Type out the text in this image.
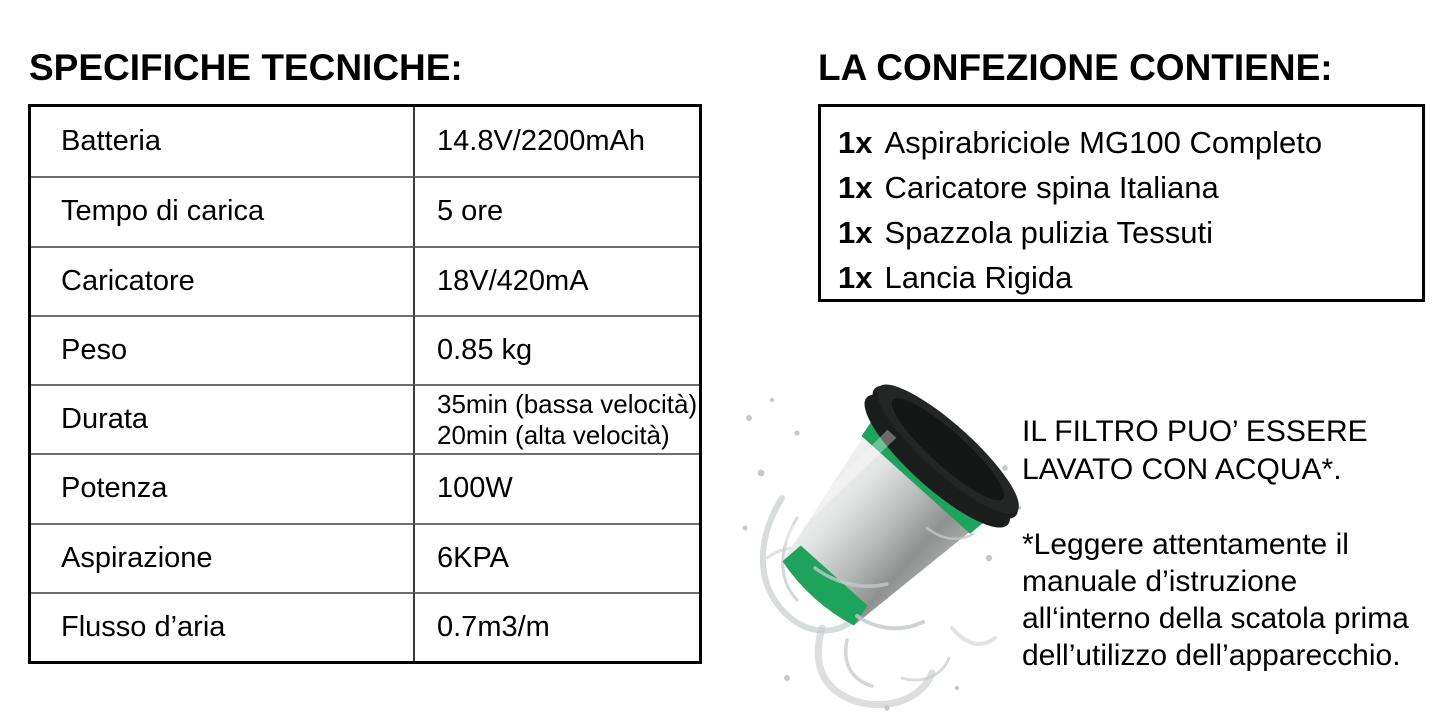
SPECIFICHE TECNICHE:
Batteria	14.8V/2200mAh
Tempo di carica	5 ore
Caricatore	18V/420mA
Peso	0.85 kg
Durata	35min (bassa velocità)
20min (alta velocità)
Potenza	100W
Aspirazione	6KPA
Flusso d’aria	0.7m3/m
LA CONFEZIONE CONTIENE:
1x Aspirabriciole MG100 Completo
1x Caricatore spina Italiana
1x Spazzola pulizia Tessuti
1x Lancia Rigida
IL FILTRO PUO’ ESSERE
LAVATO CON ACQUA*.
*Leggere attentamente il
manuale d’istruzione
all‘interno della scatola prima
dell’utilizzo dell’apparecchio.
